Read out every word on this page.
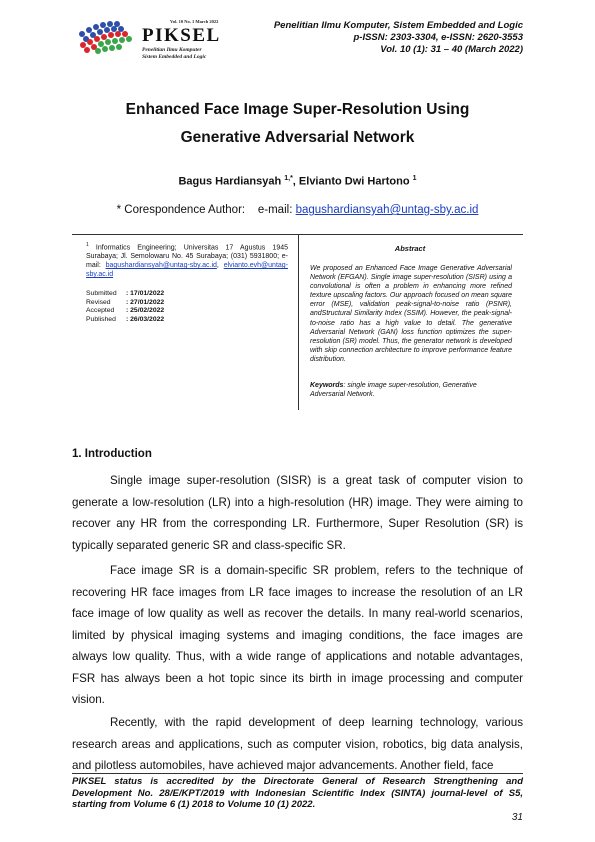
Vol. 10 No. 1 March 2022
PIKSEL
Penelitian Ilmu Komputer
Sistem Embedded and Logic
Penelitian Ilmu Komputer, Sistem Embedded and Logic
p-ISSN: 2303-3304, e-ISSN: 2620-3553
Vol. 10 (1): 31 – 40 (March 2022)
Enhanced Face Image Super-Resolution Using
Generative Adversarial Network
Bagus Hardiansyah $^{1,*}$, Elvianto Dwi Hartono $^1$
* Corespondence Author:    e-mail: bagushardiansyah@untag-sby.ac.id
$^1$ Informatics Engineering; Universitas 17 Agustus 1945 Surabaya; Jl. Semolowaru No. 45 Surabaya; (031) 5931800; e-mail: bagushardiansyah@untag-sby.ac.id, elvianto.evh@untag-sby.ac.id
Submitted	: 17/01/2022
Revised	: 27/01/2022
Accepted	: 25/02/2022
Published	: 26/03/2022
Abstract
We proposed an Enhanced Face Image Generative Adversarial Network (EFGAN). Single image super-resolution (SISR) using a convolutional is often a problem in enhancing more refined texture upscaling factors. Our approach focused on mean square error (MSE), validation peak-signal-to-noise ratio (PSNR), andStructural Similarity Index (SSIM). However, the peak-signal-to-noise ratio has a high value to detail. The generative Adversarial Network (GAN) loss function optimizes the super-resolution (SR) model. Thus, the generator network is developed with skip connection architecture to improve performance feature distribution.
Keywords: single image super-resolution, Generative Adversarial Network.
1. Introduction
Single image super-resolution (SISR) is a great task of computer vision to generate a low-resolution (LR) into a high-resolution (HR) image. They were aiming to recover any HR from the corresponding LR. Furthermore, Super Resolution (SR) is typically separated generic SR and class-specific SR.
Face image SR is a domain-specific SR problem, refers to the technique of recovering HR face images from LR face images to increase the resolution of an LR face image of low quality as well as recover the details. In many real-world scenarios, limited by physical imaging systems and imaging conditions, the face images are always low quality. Thus, with a wide range of applications and notable advantages, FSR has always been a hot topic since its birth in image processing and computer vision.
Recently, with the rapid development of deep learning technology, various research areas and applications, such as computer vision, robotics, big data analysis, and pilotless automobiles, have achieved major advancements. Another field, face
PIKSEL status is accredited by the Directorate General of Research Strengthening and Development No. 28/E/KPT/2019 with Indonesian Scientific Index (SINTA) journal-level of S5, starting from Volume 6 (1) 2018 to Volume 10 (1) 2022.
31
